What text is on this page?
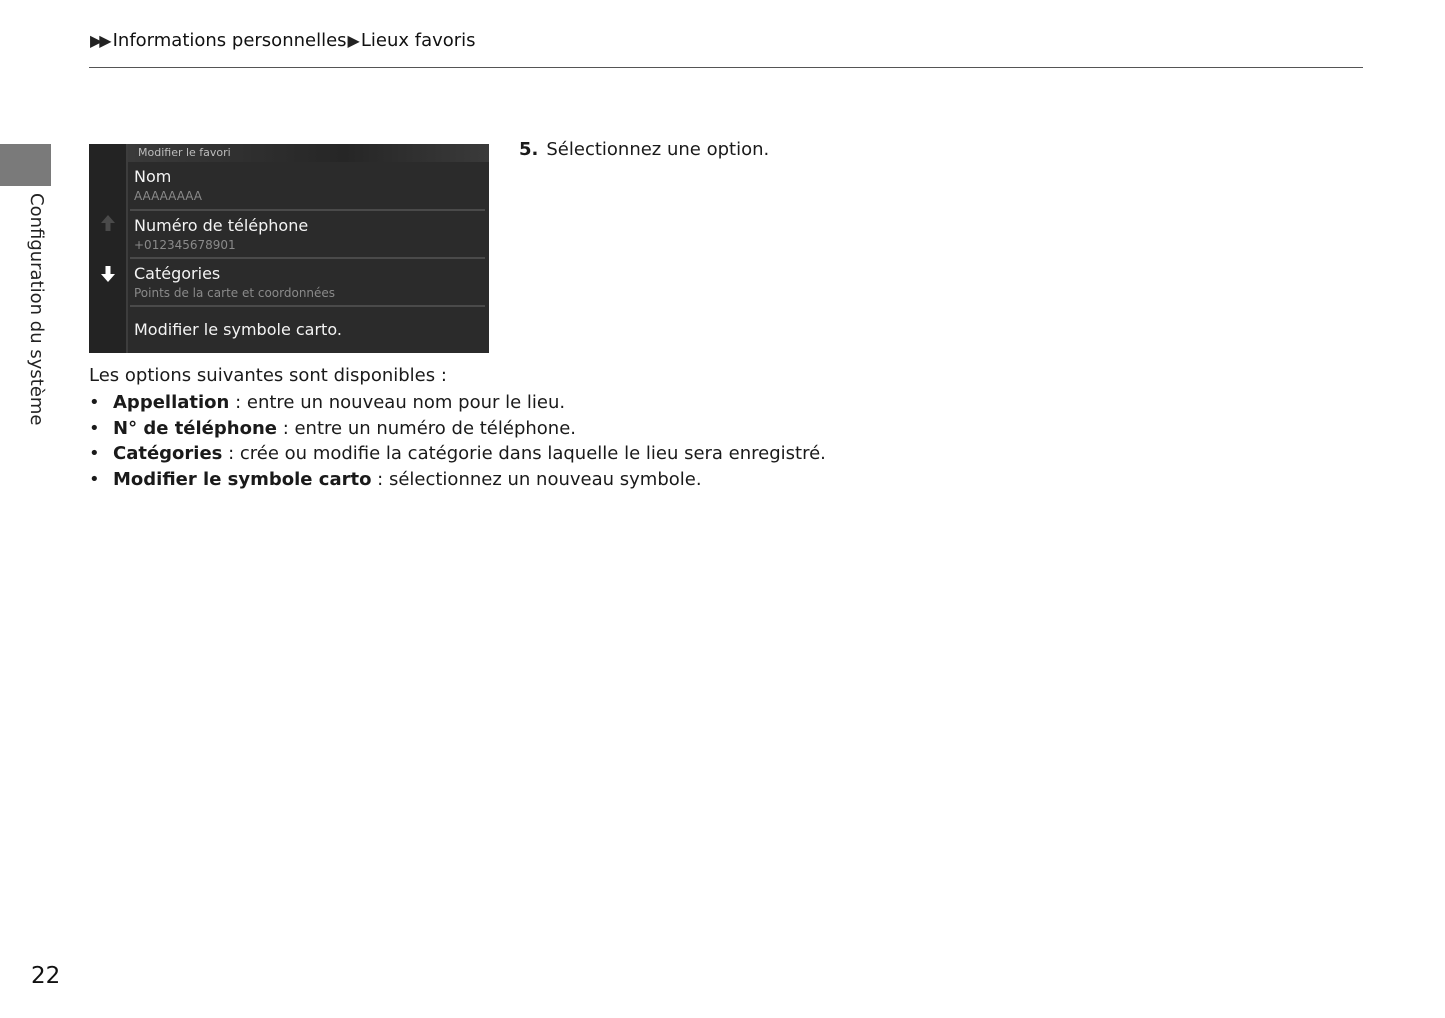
▶▶ Informations personnelles ▶ Lieux favoris
Configuration du système
Modifier le favori
Nom
AAAAAAAA
Numéro de téléphone
+012345678901
Catégories
Points de la carte et coordonnées
Modifier le symbole carto.
5. Sélectionnez une option.
Les options suivantes sont disponibles :
• Appellation : entre un nouveau nom pour le lieu.
• N° de téléphone : entre un numéro de téléphone.
• Catégories : crée ou modifie la catégorie dans laquelle le lieu sera enregistré.
• Modifier le symbole carto : sélectionnez un nouveau symbole.
22
